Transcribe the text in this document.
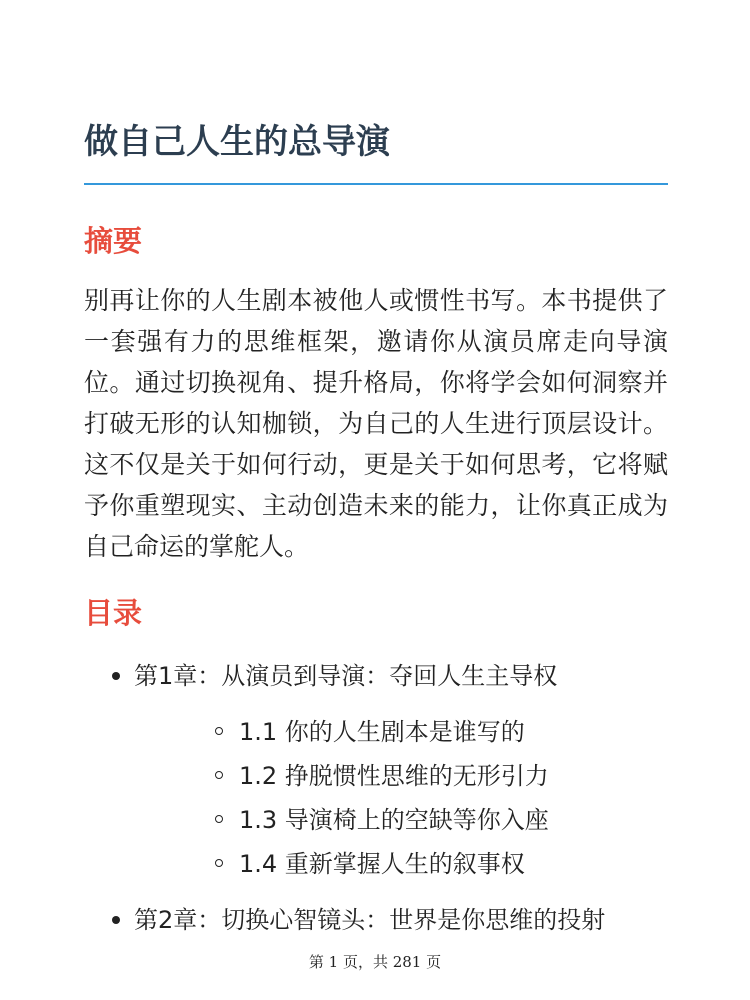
做自己人生的总导演
摘要

别再让你的人生剧本被他人或惯性书写。本书提供了一套强有力的思维框架，邀请你从演员席走向导演位。通过切换视角、提升格局，你将学会如何洞察并打破无形的认知枷锁，为自己的人生进行顶层设计。这不仅是关于如何行动，更是关于如何思考，它将赋予你重塑现实、主动创造未来的能力，让你真正成为自己命运的掌舵人。

目录
第1章：从演员到导演：夺回人生主导权
1.1 你的人生剧本是谁写的
1.2 挣脱惯性思维的无形引力
1.3 导演椅上的空缺等你入座
1.4 重新掌握人生的叙事权
第2章：切换心智镜头：世界是你思维的投射
第 1 页，共 281 页
